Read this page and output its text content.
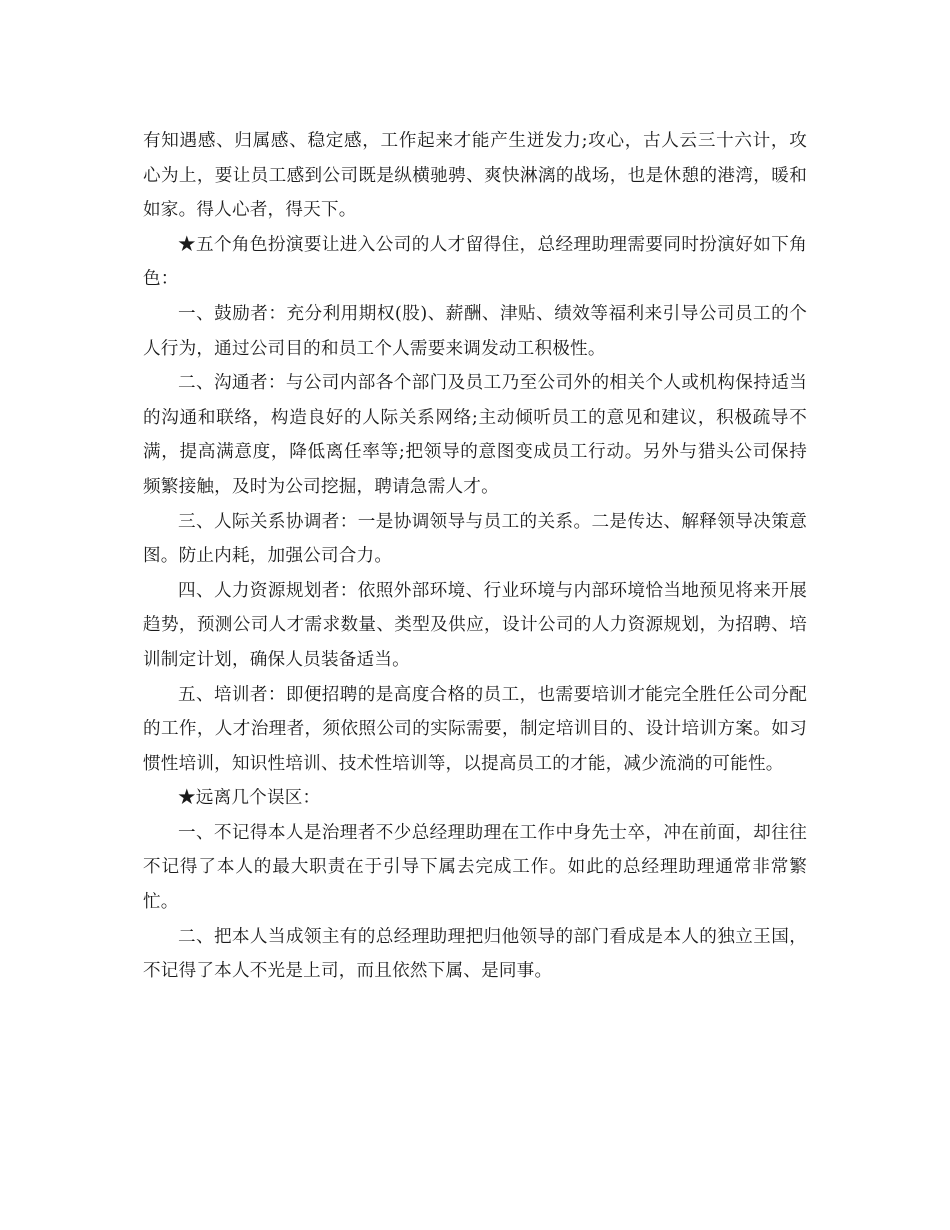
有知遇感、归属感、稳定感，工作起来才能产生迸发力;攻心，古人云三十六计，攻心为上，要让员工感到公司既是纵横驰骋、爽快淋漓的战场，也是休憩的港湾，暖和如家。得人心者，得天下。

★五个角色扮演要让进入公司的人才留得住，总经理助理需要同时扮演好如下角色：

一、鼓励者：充分利用期权(股)、薪酬、津贴、绩效等福利来引导公司员工的个人行为，通过公司目的和员工个人需要来调发动工积极性。

二、沟通者：与公司内部各个部门及员工乃至公司外的相关个人或机构保持适当的沟通和联络，构造良好的人际关系网络;主动倾听员工的意见和建议，积极疏导不满，提高满意度，降低离任率等;把领导的意图变成员工行动。另外与猎头公司保持频繁接触，及时为公司挖掘，聘请急需人才。

三、人际关系协调者：一是协调领导与员工的关系。二是传达、解释领导决策意图。防止内耗，加强公司合力。

四、人力资源规划者：依照外部环境、行业环境与内部环境恰当地预见将来开展趋势，预测公司人才需求数量、类型及供应，设计公司的人力资源规划，为招聘、培训制定计划，确保人员装备适当。

五、培训者：即便招聘的是高度合格的员工，也需要培训才能完全胜任公司分配的工作，人才治理者，须依照公司的实际需要，制定培训目的、设计培训方案。如习惯性培训，知识性培训、技术性培训等，以提高员工的才能，减少流淌的可能性。

★远离几个误区：

一、不记得本人是治理者不少总经理助理在工作中身先士卒，冲在前面，却往往不记得了本人的最大职责在于引导下属去完成工作。如此的总经理助理通常非常繁忙。

二、把本人当成领主有的总经理助理把归他领导的部门看成是本人的独立王国，不记得了本人不光是上司，而且依然下属、是同事。
